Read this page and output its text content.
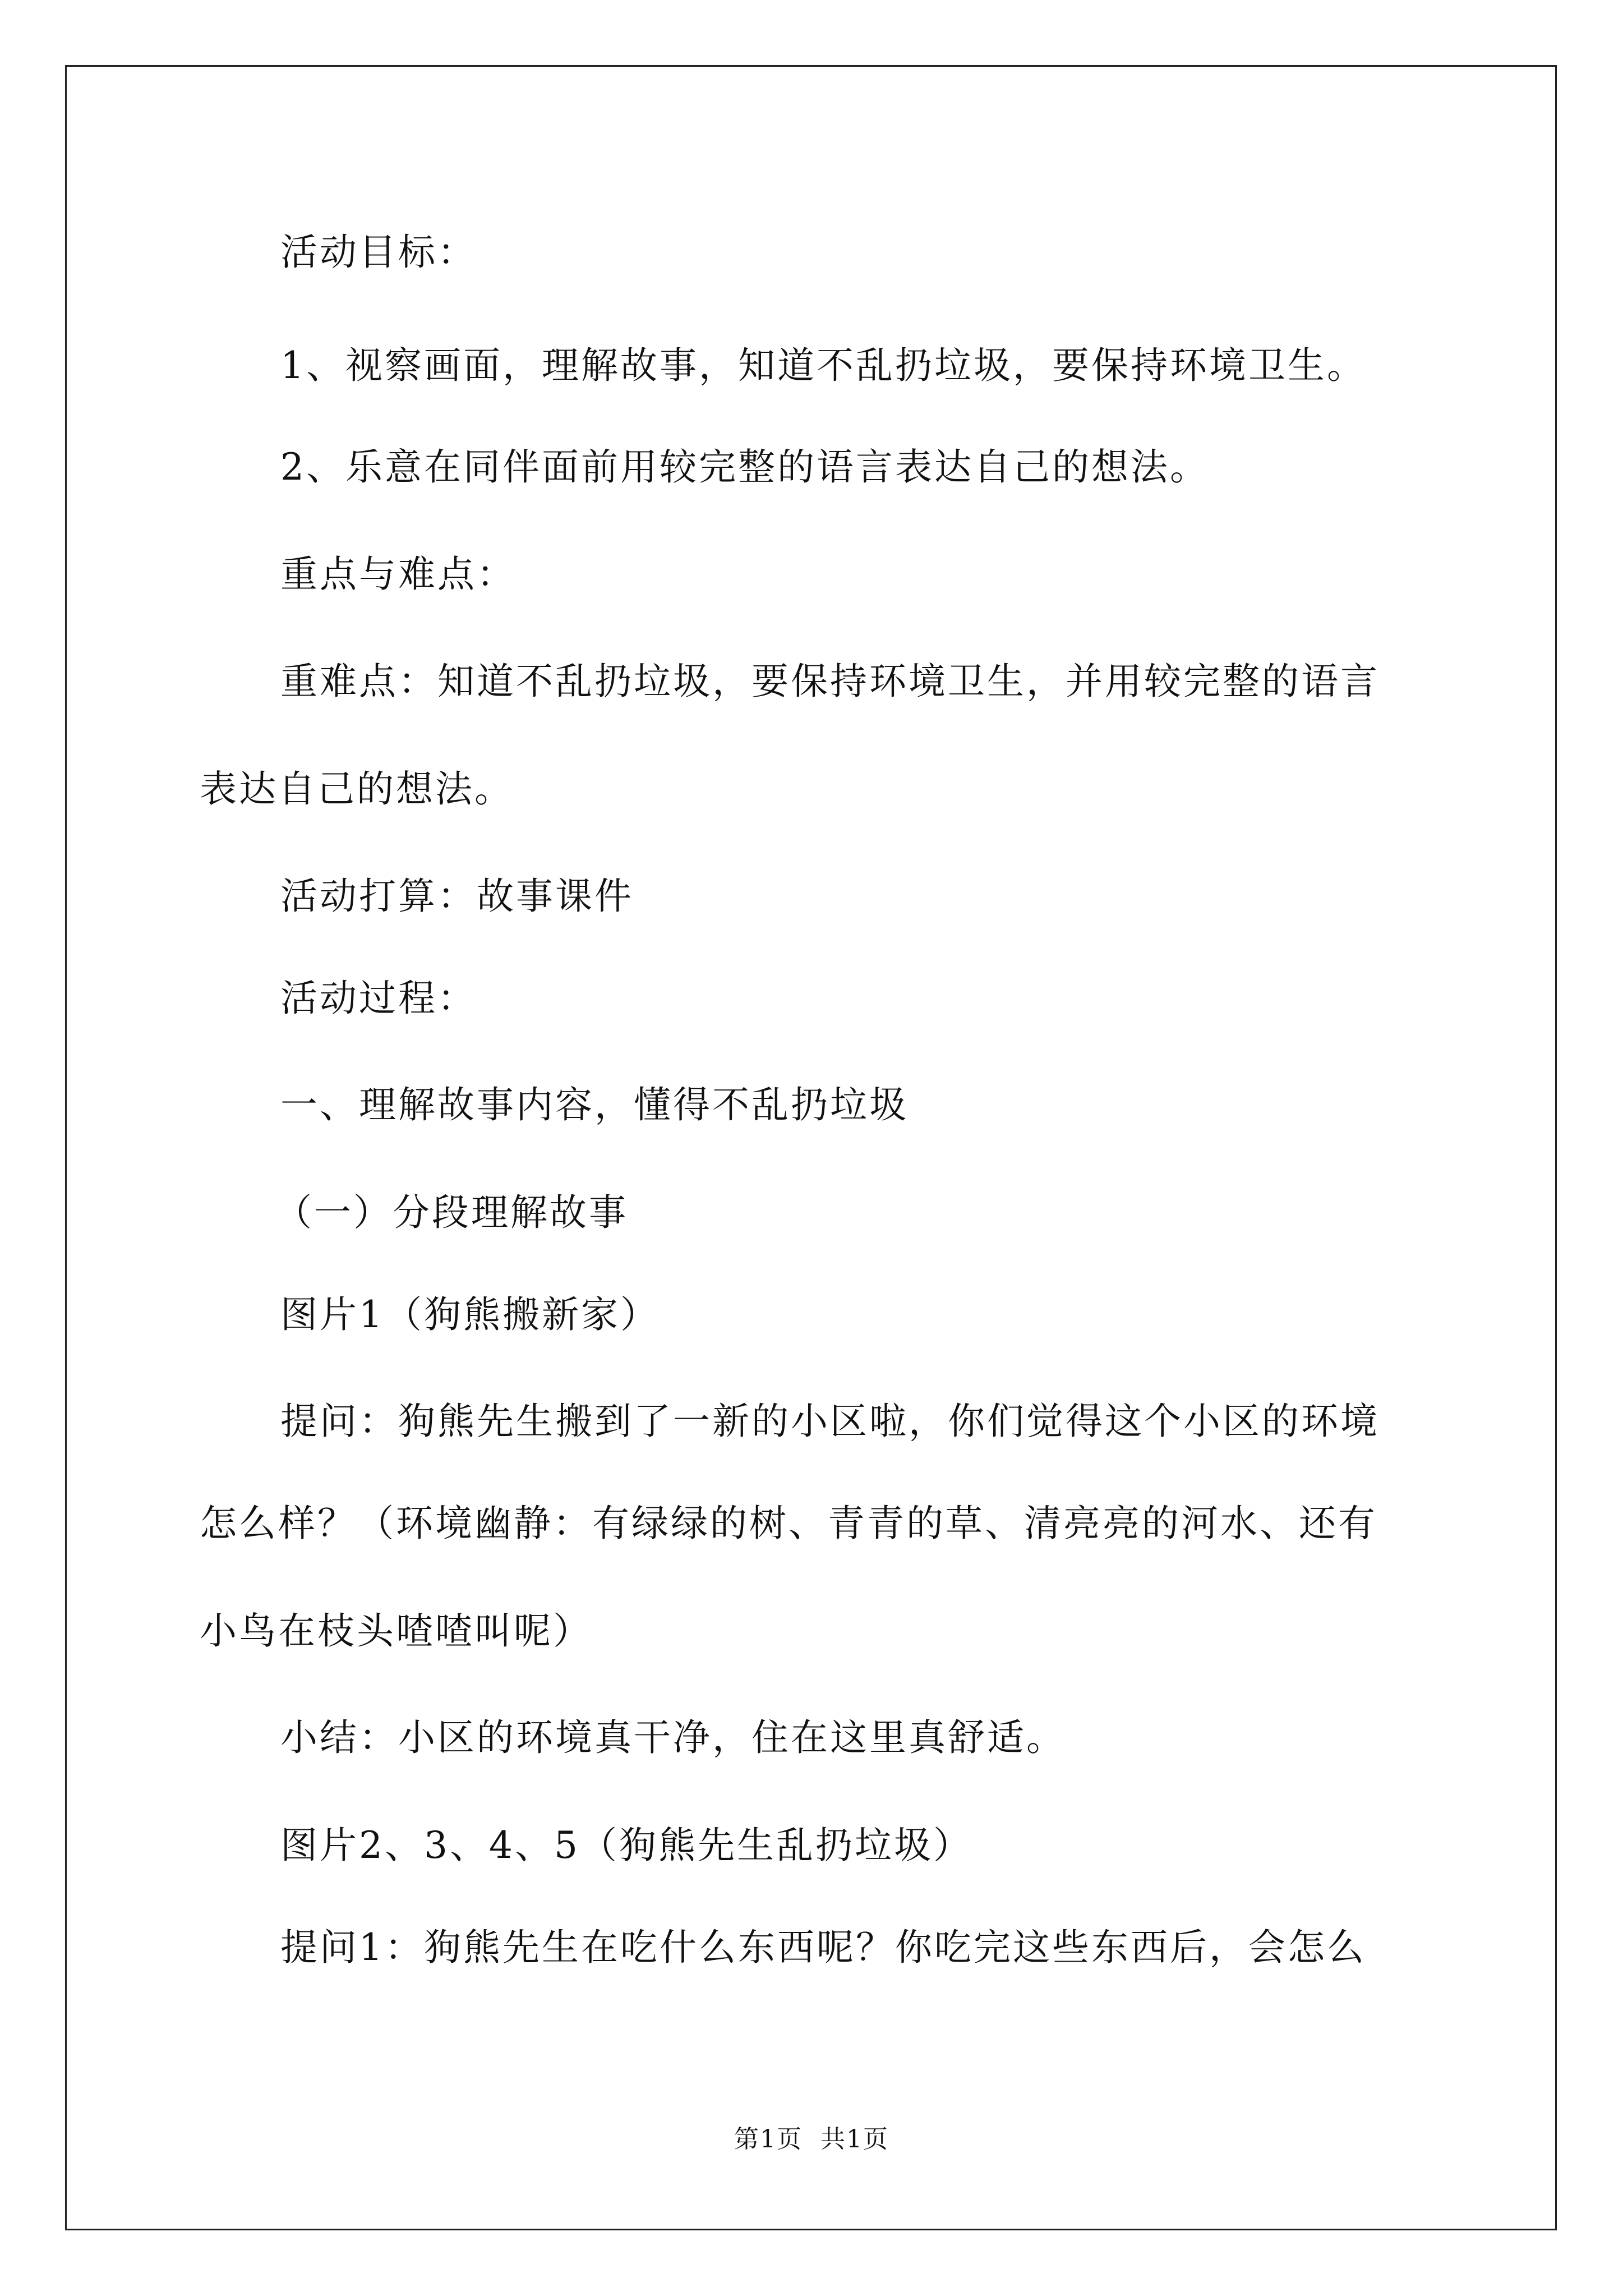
活动目标：
1、视察画面，理解故事，知道不乱扔垃圾，要保持环境卫生。
2、乐意在同伴面前用较完整的语言表达自己的想法。
重点与难点：
重难点：知道不乱扔垃圾，要保持环境卫生，并用较完整的语言
表达自己的想法。
活动打算：故事课件
活动过程：
一、理解故事内容，懂得不乱扔垃圾
（一）分段理解故事
图片1（狗熊搬新家）
提问：狗熊先生搬到了一新的小区啦，你们觉得这个小区的环境
怎么样？（环境幽静：有绿绿的树、青青的草、清亮亮的河水、还有
小鸟在枝头喳喳叫呢）
小结：小区的环境真干净，住在这里真舒适。
图片2、3、4、5（狗熊先生乱扔垃圾）
提问1：狗熊先生在吃什么东西呢？你吃完这些东西后，会怎么
第1页 共1页
